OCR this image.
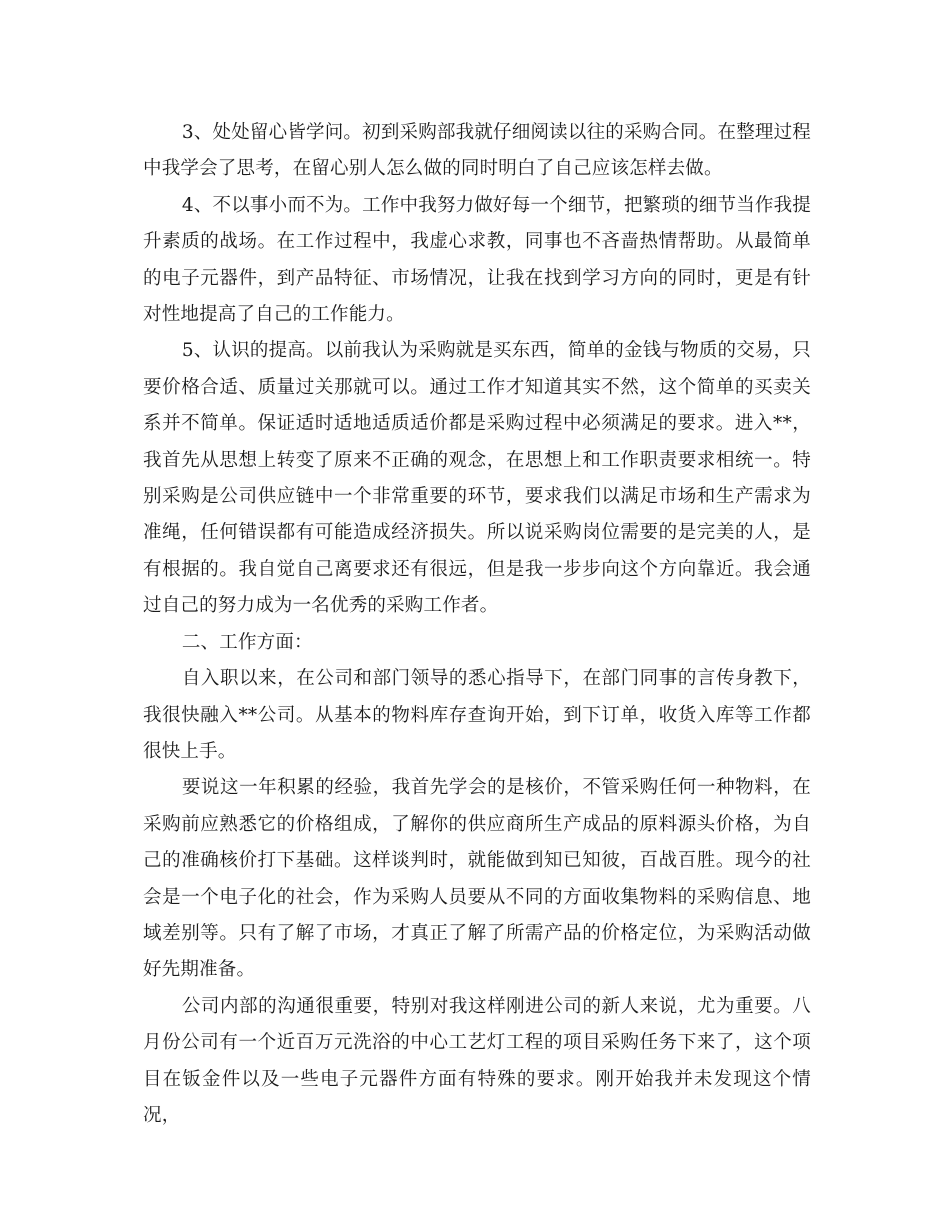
3、处处留心皆学问。初到采购部我就仔细阅读以往的采购合同。在整理过程中我学会了思考，在留心别人怎么做的同时明白了自己应该怎样去做。

4、不以事小而不为。工作中我努力做好每一个细节，把繁琐的细节当作我提升素质的战场。在工作过程中，我虚心求教，同事也不吝啬热情帮助。从最简单的电子元器件，到产品特征、市场情况，让我在找到学习方向的同时，更是有针对性地提高了自己的工作能力。

5、认识的提高。以前我认为采购就是买东西，简单的金钱与物质的交易，只要价格合适、质量过关那就可以。通过工作才知道其实不然，这个简单的买卖关系并不简单。保证适时适地适质适价都是采购过程中必须满足的要求。进入**，我首先从思想上转变了原来不正确的观念，在思想上和工作职责要求相统一。特别采购是公司供应链中一个非常重要的环节，要求我们以满足市场和生产需求为准绳，任何错误都有可能造成经济损失。所以说采购岗位需要的是完美的人，是有根据的。我自觉自己离要求还有很远，但是我一步步向这个方向靠近。我会通过自己的努力成为一名优秀的采购工作者。

二、工作方面：

自入职以来，在公司和部门领导的悉心指导下，在部门同事的言传身教下，我很快融入**公司。从基本的物料库存查询开始，到下订单，收货入库等工作都很快上手。

要说这一年积累的经验，我首先学会的是核价，不管采购任何一种物料，在采购前应熟悉它的价格组成，了解你的供应商所生产成品的原料源头价格，为自己的准确核价打下基础。这样谈判时，就能做到知已知彼，百战百胜。现今的社会是一个电子化的社会，作为采购人员要从不同的方面收集物料的采购信息、地域差别等。只有了解了市场，才真正了解了所需产品的价格定位，为采购活动做好先期准备。

公司内部的沟通很重要，特别对我这样刚进公司的新人来说，尤为重要。八月份公司有一个近百万元洗浴的中心工艺灯工程的项目采购任务下来了，这个项目在钣金件以及一些电子元器件方面有特殊的要求。刚开始我并未发现这个情况，
